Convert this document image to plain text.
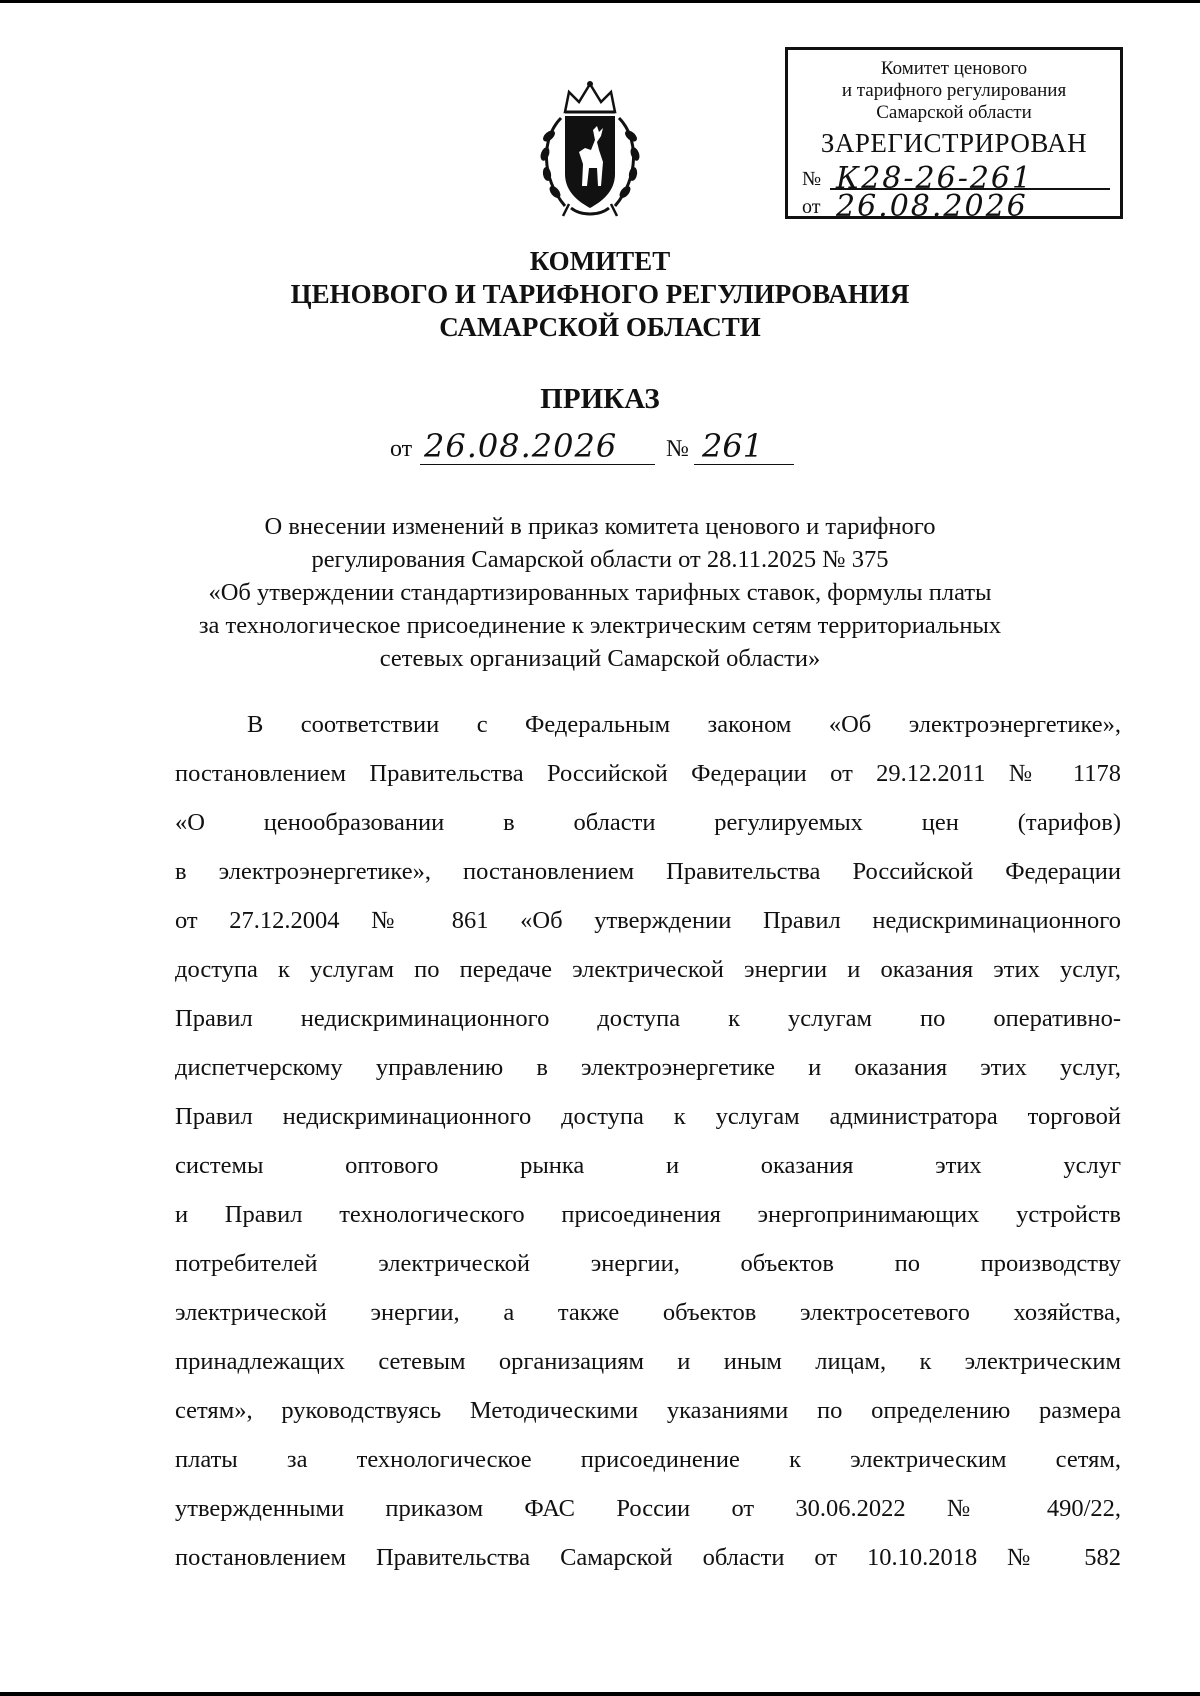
Комитет ценового
и тарифного регулирования
Самарской области
ЗАРЕГИСТРИРОВАН
№ К28-26-261
от 26.08.2026
КОМИТЕТ
ЦЕНОВОГО И ТАРИФНОГО РЕГУЛИРОВАНИЯ
САМАРСКОЙ ОБЛАСТИ
ПРИКАЗ
от 26.08.2026 № 261
О внесении изменений в приказ комитета ценового и тарифного
регулирования Самарской области от 28.11.2025 № 375
«Об утверждении стандартизированных тарифных ставок, формулы платы
за технологическое присоединение к электрическим сетям территориальных
сетевых организаций Самарской области»
В соответствии с Федеральным законом «Об электроэнергетике»,
постановлением Правительства Российской Федерации от 29.12.2011 № 1178
«О ценообразовании в области регулируемых цен (тарифов)
в электроэнергетике», постановлением Правительства Российской Федерации
от 27.12.2004 № 861 «Об утверждении Правил недискриминационного
доступа к услугам по передаче электрической энергии и оказания этих услуг,
Правил недискриминационного доступа к услугам по оперативно-
диспетчерскому управлению в электроэнергетике и оказания этих услуг,
Правил недискриминационного доступа к услугам администратора торговой
системы оптового рынка и оказания этих услуг
и Правил технологического присоединения энергопринимающих устройств
потребителей электрической энергии, объектов по производству
электрической энергии, а также объектов электросетевого хозяйства,
принадлежащих сетевым организациям и иным лицам, к электрическим
сетям», руководствуясь Методическими указаниями по определению размера
платы за технологическое присоединение к электрическим сетям,
утвержденными приказом ФАС России от 30.06.2022 № 490/22,
постановлением Правительства Самарской области от 10.10.2018 № 582
